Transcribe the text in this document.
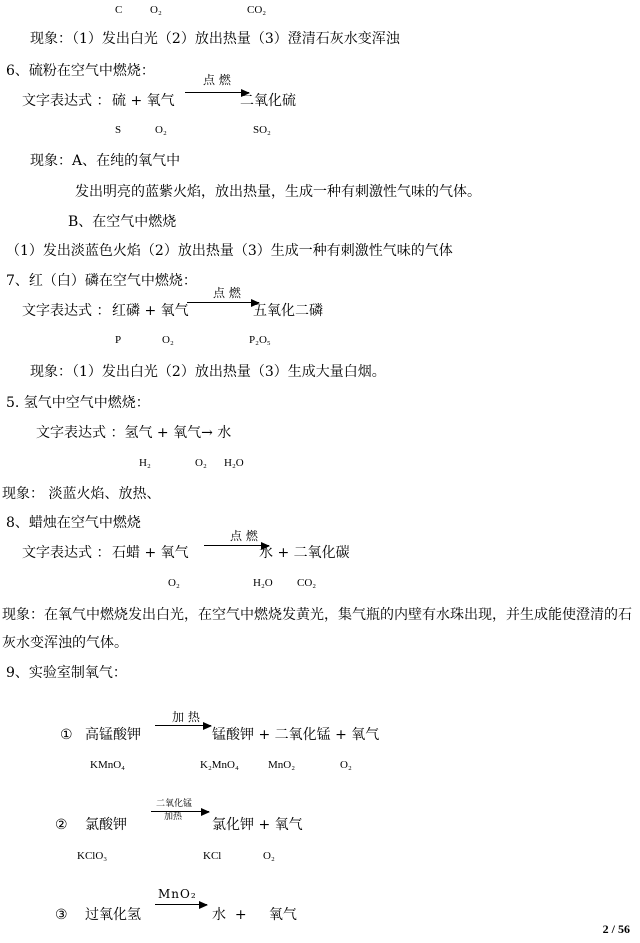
C	O₂	CO₂
现象：（1）发出白光（2）放出热量（3）澄清石灰水变浑浊
6、硫粉在空气中燃烧：
文字表达式 ： 硫 + 氧气
点 燃
二氧化硫
S	O₂	SO₂
现象：A、在纯的氧气中
发出明亮的蓝紫火焰，放出热量，生成一种有刺激性气味的气体。
B、在空气中燃烧
（1）发出淡蓝色火焰（2）放出热量（3）生成一种有刺激性气味的气体
7、红（白）磷在空气中燃烧：
文字表达式 ： 红磷 + 氧气
点 燃
五氧化二磷
P	O₂	P₂O₅
现象：（1）发出白光（2）放出热量（3）生成大量白烟。
5. 氢气中空气中燃烧：
文字表达式 ：氢气 + 氧气→ 水
H₂	O₂ H₂O
现象： 淡蓝火焰、放热、
8、蜡烛在空气中燃烧
文字表达式 ： 石蜡 + 氧气
点 燃
水 + 二氧化碳
O₂	H₂O CO₂
现象：在氧气中燃烧发出白光，在空气中燃烧发黄光，集气瓶的内壁有水珠出现，并生成能使澄清的石
灰水变浑浊的气体。
9、实验室制氧气：
① 高锰酸钾
加 热
锰酸钾 + 二氧化锰 + 氧气
KMnO₄	K₂MnO₄	MnO₂	O₂
② 氯酸钾
二氧化锰
加热 氯化钾 + 氧气
KClO₃	KCl	O₂
③ 过氧化氢
MnO₂
水  +     氧气
2 / 56
